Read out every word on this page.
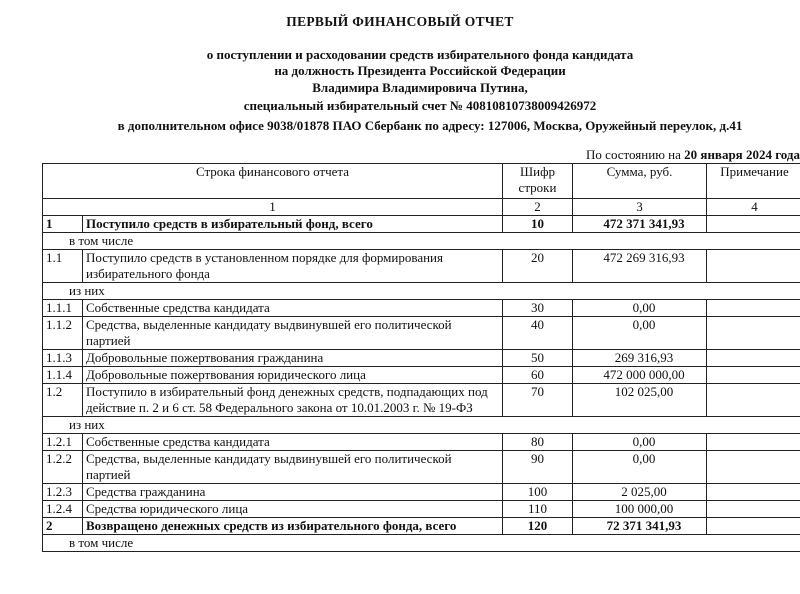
ПЕРВЫЙ ФИНАНСОВЫЙ ОТЧЕТ
о поступлении и расходовании средств избирательного фонда кандидата
на должность Президента Российской Федерации
Владимира Владимировича Путина,
специальный избирательный счет № 40810810738009426972
в дополнительном офисе 9038/01878 ПАО Сбербанк по адресу: 127006, Москва, Оружейный переулок, д.41
По состоянию на 20 января 2024 года
Строка финансового отчета		Шифр строки	Сумма, руб.	Примечание
1		2	3	4
1	Поступило средств в избирательный фонд, всего	10	472 371 341,93	
в том числе				
1.1	Поступило средств в установленном порядке для формирования избирательного фонда	20	472 269 316,93	
из них				
1.1.1	Собственные средства кандидата	30	0,00	
1.1.2	Средства, выделенные кандидату выдвинувшей его политической партией	40	0,00	
1.1.3	Добровольные пожертвования гражданина	50	269 316,93	
1.1.4	Добровольные пожертвования юридического лица	60	472 000 000,00	
1.2	Поступило в избирательный фонд денежных средств, подпадающих под действие п. 2 и 6 ст. 58 Федерального закона от 10.01.2003 г. № 19-ФЗ	70	102 025,00	
из них				
1.2.1	Собственные средства кандидата	80	0,00	
1.2.2	Средства, выделенные кандидату выдвинувшей его политической партией	90	0,00	
1.2.3	Средства гражданина	100	2 025,00	
1.2.4	Средства юридического лица	110	100 000,00	
2	Возвращено денежных средств из избирательного фонда, всего	120	72 371 341,93	
в том числе				
